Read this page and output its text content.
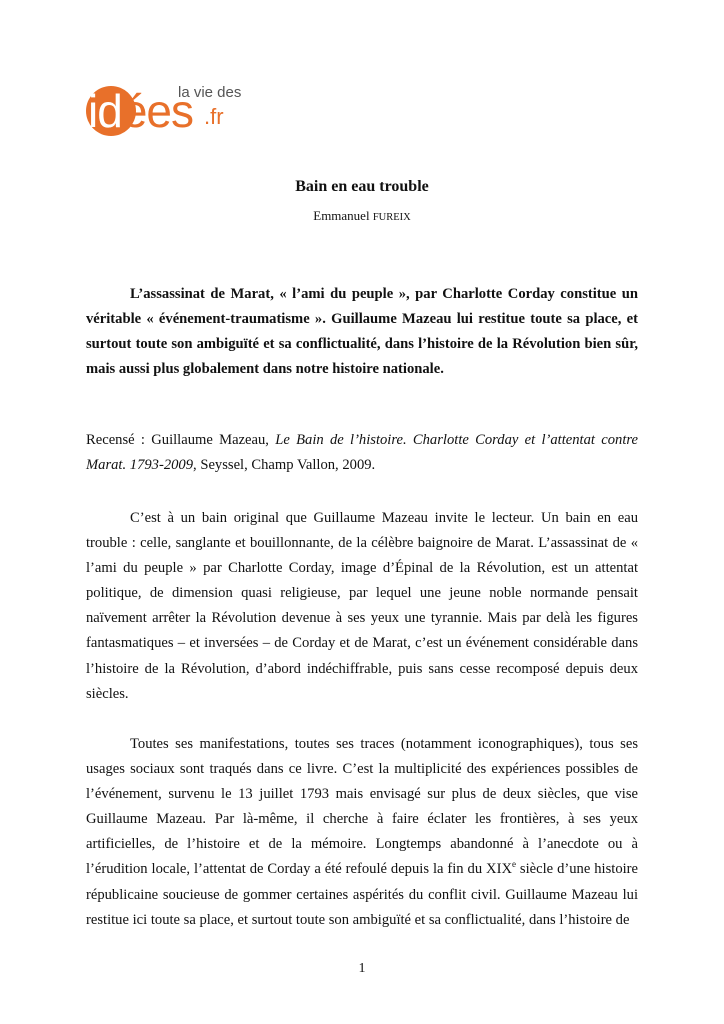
idées
la vie des
.fr
Bain en eau trouble
Emmanuel FUREIX

L’assassinat de Marat, « l’ami du peuple », par Charlotte Corday constitue un véritable « événement-traumatisme ». Guillaume Mazeau lui restitue toute sa place, et surtout toute son ambiguïté et sa conflictualité, dans l’histoire de la Révolution bien sûr, mais aussi plus globalement dans notre histoire nationale.

Recensé : Guillaume Mazeau, Le Bain de l’histoire. Charlotte Corday et l’attentat contre Marat. 1793-2009, Seyssel, Champ Vallon, 2009.

C’est à un bain original que Guillaume Mazeau invite le lecteur. Un bain en eau trouble : celle, sanglante et bouillonnante, de la célèbre baignoire de Marat. L’assassinat de « l’ami du peuple » par Charlotte Corday, image d’Épinal de la Révolution, est un attentat politique, de dimension quasi religieuse, par lequel une jeune noble normande pensait naïvement arrêter la Révolution devenue à ses yeux une tyrannie. Mais par delà les figures fantasmatiques – et inversées – de Corday et de Marat, c’est un événement considérable dans l’histoire de la Révolution, d’abord indéchiffrable, puis sans cesse recomposé depuis deux siècles.

Toutes ses manifestations, toutes ses traces (notamment iconographiques), tous ses usages sociaux sont traqués dans ce livre. C’est la multiplicité des expériences possibles de l’événement, survenu le 13 juillet 1793 mais envisagé sur plus de deux siècles, que vise Guillaume Mazeau. Par là-même, il cherche à faire éclater les frontières, à ses yeux artificielles, de l’histoire et de la mémoire. Longtemps abandonné à l’anecdote ou à l’érudition locale, l’attentat de Corday a été refoulé depuis la fin du XIXe siècle d’une histoire républicaine soucieuse de gommer certaines aspérités du conflit civil. Guillaume Mazeau lui restitue ici toute sa place, et surtout toute son ambiguïté et sa conflictualité, dans l’histoire de

1
